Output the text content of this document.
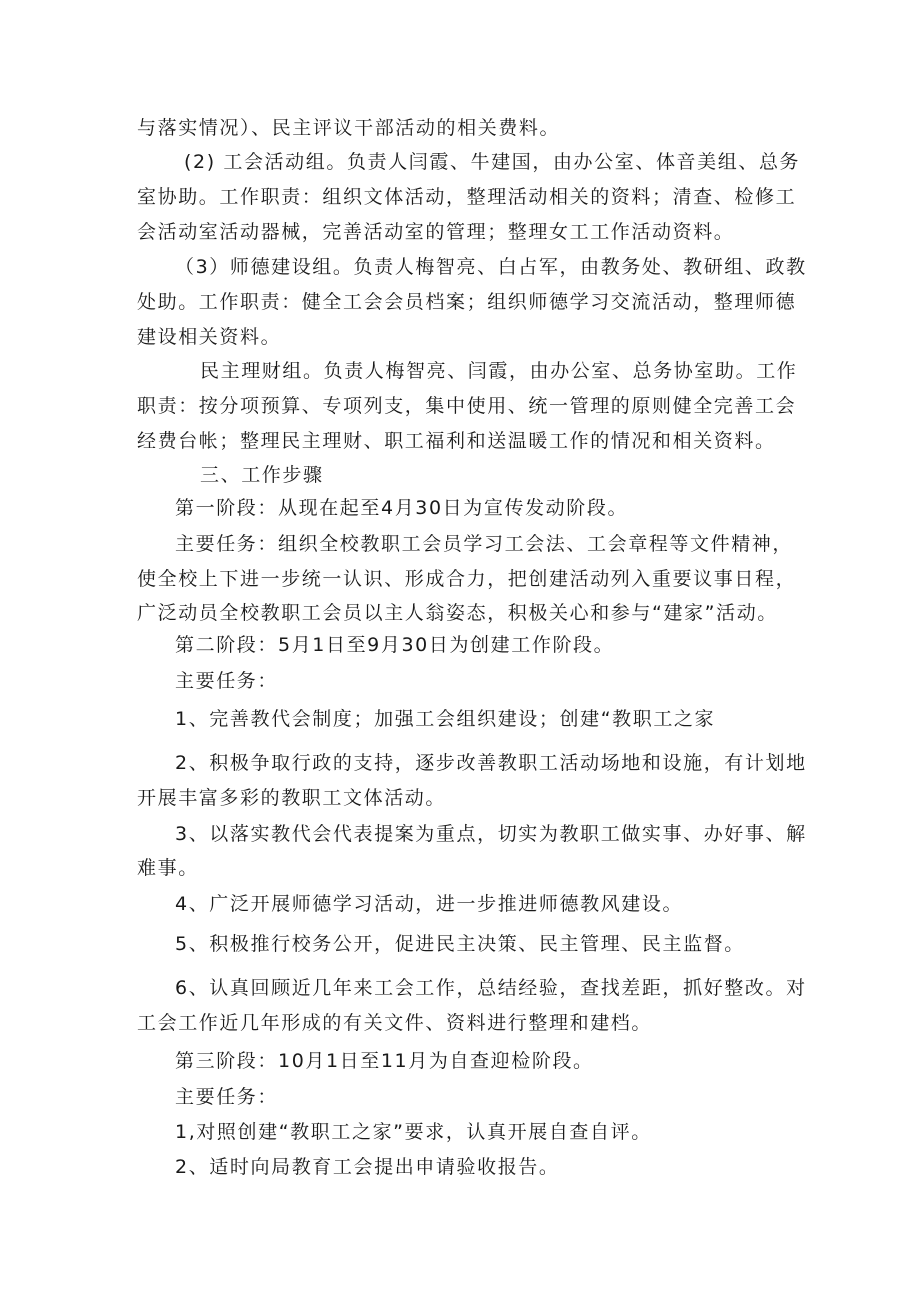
与落实情况）、民主评议干部活动的相关费料。
(2) 工会活动组。负责人闫霞、牛建国，由办公室、体音美组、总务
室协助。工作职责：组织文体活动，整理活动相关的资料；清查、检修工
会活动室活动器械，完善活动室的管理；整理女工工作活动资料。
（3）师德建设组。负责人梅智亮、白占军，由教务处、教研组、政教
处助。工作职责：健全工会会员档案；组织师德学习交流活动，整理师德
建设相关资料。
民主理财组。负责人梅智亮、闫霞，由办公室、总务协室助。工作
职责：按分项预算、专项列支，集中使用、统一管理的原则健全完善工会
经费台帐；整理民主理财、职工福利和送温暖工作的情况和相关资料。
三、工作步骤
第一阶段：从现在起至4月30日为宣传发动阶段。
主要任务：组织全校教职工会员学习工会法、工会章程等文件精神，
使全校上下进一步统一认识、形成合力，把创建活动列入重要议事日程，
广泛动员全校教职工会员以主人翁姿态，积极关心和参与“建家”活动。
第二阶段：5月1日至9月30日为创建工作阶段。
主要任务：
1、完善教代会制度；加强工会组织建设；创建“教职工之家
2、积极争取行政的支持，逐步改善教职工活动场地和设施，有计划地
开展丰富多彩的教职工文体活动。
3、以落实教代会代表提案为重点，切实为教职工做实事、办好事、解
难事。
4、广泛开展师德学习活动，进一步推进师德教风建设。
5、积极推行校务公开，促进民主决策、民主管理、民主监督。
6、认真回顾近几年来工会工作，总结经验，查找差距，抓好整改。对
工会工作近几年形成的有关文件、资料进行整理和建档。
第三阶段：10月1日至11月为自查迎检阶段。
主要任务：
1,对照创建“教职工之家”要求，认真开展自查自评。
2、适时向局教育工会提出申请验收报告。
